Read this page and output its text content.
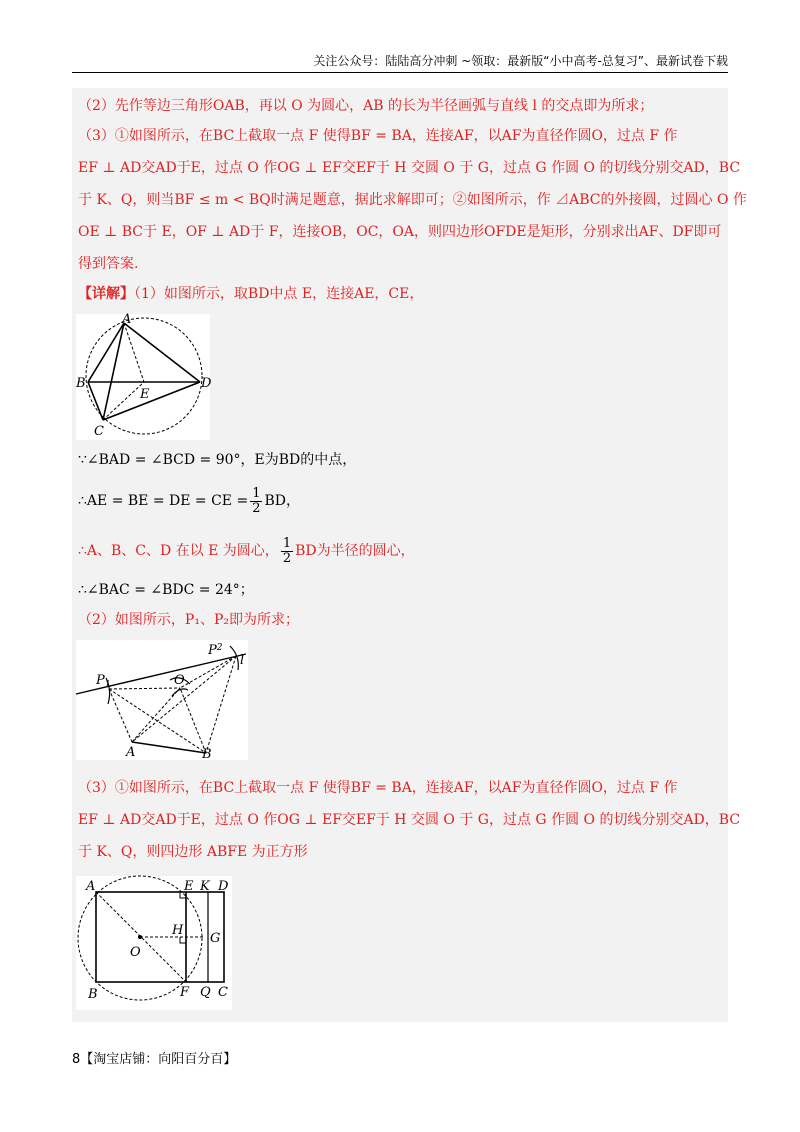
关注公众号：陆陆高分冲刺 ~领取：最新版“小中高考-总复习”、最新试卷下载
（2）先作等边三角形OAB，再以 O 为圆心，AB 的长为半径画弧与直线 l 的交点即为所求；
（3）①如图所示，在BC上截取一点 F 使得BF = BA，连接AF，以AF为直径作圆O，过点 F 作
EF ⊥ AD交AD于E，过点 O 作OG ⊥ EF交EF于 H 交圆 O 于 G，过点 G 作圆 O 的切线分别交AD，BC
于 K、Q，则当BF ≤ m < BQ时满足题意，据此求解即可；②如图所示，作 ⊿ABC的外接圆，过圆心 O 作
OE ⊥ BC于 E，OF ⊥ AD于 F，连接OB，OC，OA，则四边形OFDE是矩形，分别求出AF、DF即可
得到答案.
【详解】（1）如图所示，取BD中点 E，连接AE，CE，
A
B
C
D
E
∵∠BAD = ∠BCD = 90°，E为BD的中点，
∴AE = BE = DE = CE = $\frac{1}{2}$ BD，
∴A、B、C、D 在以 E 为圆心， $\frac{1}{2}$ BD为半径的圆心，
∴∠BAC = ∠BDC = 24°；
（2）如图所示，P₁、P₂即为所求；
$P_1$
$P^2$
O
l
A	B
（3）①如图所示，在BC上截取一点 F 使得BF = BA，连接AF，以AF为直径作圆O，过点 F 作
EF ⊥ AD交AD于E，过点 O 作OG ⊥ EF交EF于 H 交圆 O 于 G，过点 G 作圆 O 的切线分别交AD，BC
于 K、Q，则四边形 ABFE 为正方形
A	E K D
H
G
O
B	F Q C
8【淘宝店铺：向阳百分百】
